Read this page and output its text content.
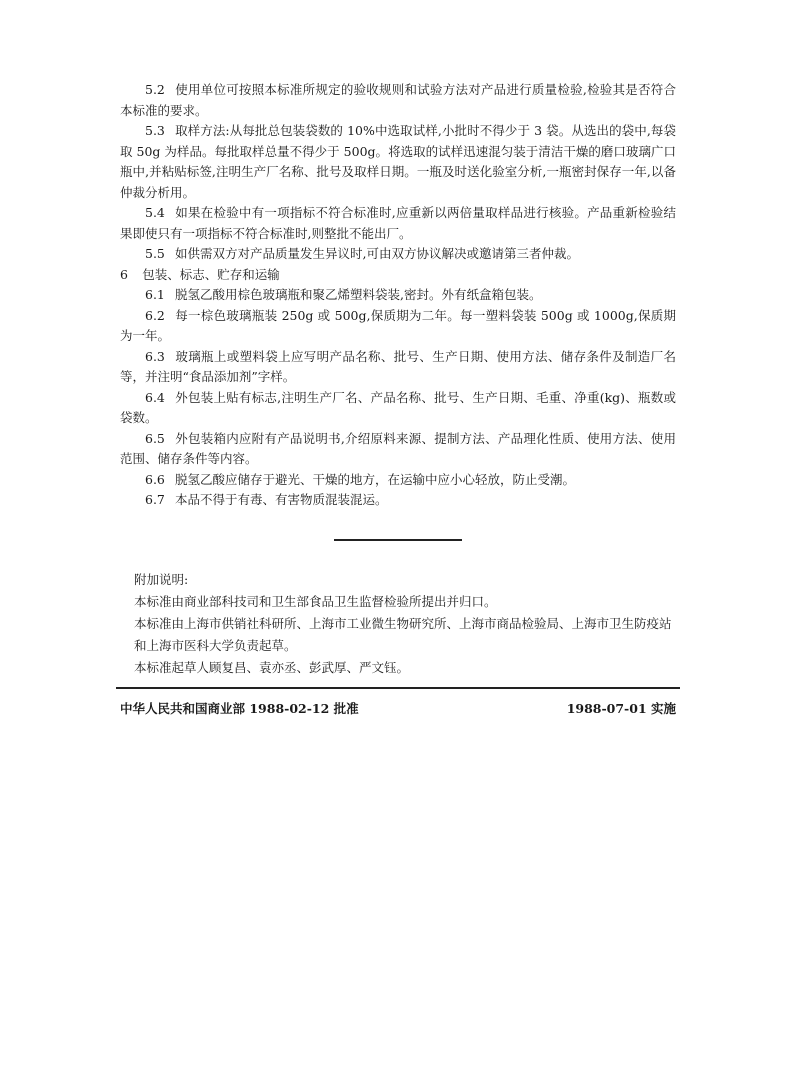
  5.2 使用单位可按照本标准所规定的验收规则和试验方法对产品进行质量检验,检验其是否符合本标准的要求。

  5.3 取样方法:从每批总包装袋数的 10%中选取试样,小批时不得少于 3 袋。从选出的袋中,每袋取 50g 为样品。每批取样总量不得少于 500g。将选取的试样迅速混匀装于清洁干燥的磨口玻璃广口瓶中,并粘贴标签,注明生产厂名称、批号及取样日期。一瓶及时送化验室分析,一瓶密封保存一年,以备仲裁分析用。

  5.4 如果在检验中有一项指标不符合标准时,应重新以两倍量取样品进行核验。产品重新检验结果即使只有一项指标不符合标准时,则整批不能出厂。

  5.5 如供需双方对产品质量发生异议时,可由双方协议解决或邀请第三者仲裁。

6  包装、标志、贮存和运输

  6.1 脱氢乙酸用棕色玻璃瓶和聚乙烯塑料袋装,密封。外有纸盒箱包装。

  6.2 每一棕色玻璃瓶装 250g 或 500g,保质期为二年。每一塑料袋装 500g 或 1000g,保质期为一年。

  6.3 玻璃瓶上或塑料袋上应写明产品名称、批号、生产日期、使用方法、储存条件及制造厂名等，并注明“食品添加剂”字样。

  6.4 外包装上贴有标志,注明生产厂名、产品名称、批号、生产日期、毛重、净重(kg)、瓶数或袋数。

  6.5 外包装箱内应附有产品说明书,介绍原料来源、提制方法、产品理化性质、使用方法、使用范围、储存条件等内容。

  6.6 脱氢乙酸应储存于避光、干燥的地方，在运输中应小心轻放，防止受潮。

  6.7 本品不得于有毒、有害物质混装混运。

附加说明:

本标准由商业部科技司和卫生部食品卫生监督检验所提出并归口。

本标准由上海市供销社科研所、上海市工业微生物研究所、上海市商品检验局、上海市卫生防疫站和上海市医科大学负责起草。

本标准起草人顾复昌、袁亦丞、彭武厚、严文钰。

中华人民共和国商业部 1988-02-12 批准	1988-07-01 实施
